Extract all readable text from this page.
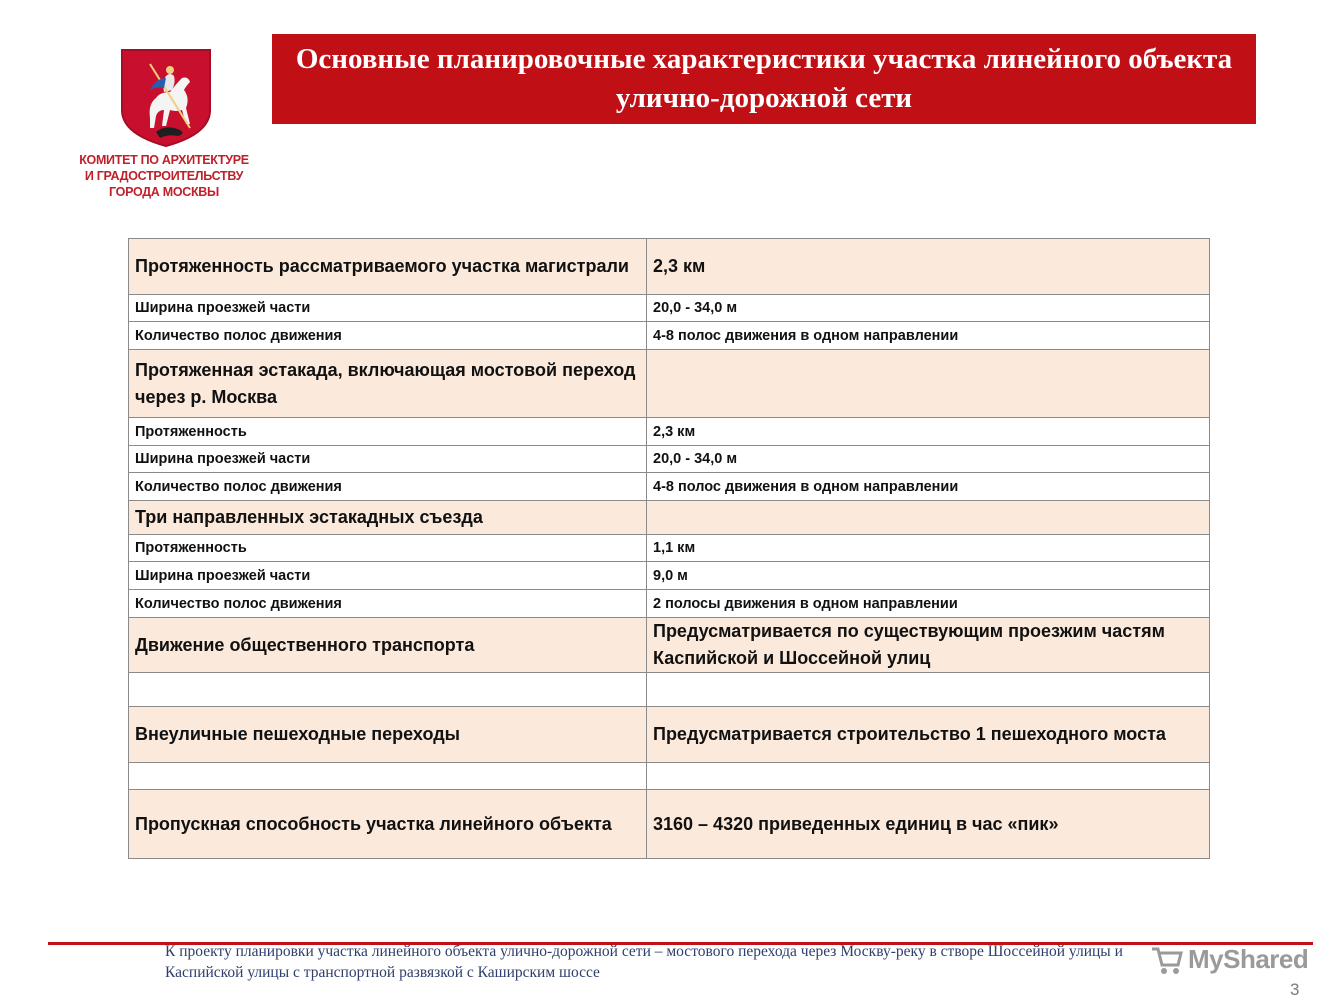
КОМИТЕТ ПО АРХИТЕКТУРЕ
И ГРАДОСТРОИТЕЛЬСТВУ
ГОРОДА МОСКВЫ
Основные планировочные характеристики участка линейного объекта улично-дорожной сети
Протяженность рассматриваемого участка магистрали	2,3 км
Ширина проезжей части	20,0 - 34,0 м
Количество полос движения	4-8 полос движения в одном направлении
Протяженная эстакада, включающая мостовой переход через р. Москва	
Протяженность	2,3 км
Ширина проезжей части	20,0 - 34,0 м
Количество полос движения	4-8 полос движения в одном направлении
Три направленных эстакадных съезда	
Протяженность	1,1 км
Ширина проезжей части	9,0 м
Количество полос движения	2 полосы движения в одном направлении
Движение общественного транспорта	Предусматривается по существующим проезжим частям Каспийской и Шоссейной улиц

Внеуличные пешеходные переходы	Предусматривается строительство 1 пешеходного моста

Пропускная способность участка линейного объекта	3160 – 4320 приведенных единиц в час «пик»
К проекту планировки участка линейного объекта улично-дорожной сети – мостового перехода через Москву-реку в створе Шоссейной улицы и Каспийской улицы с транспортной развязкой с Каширским шоссе	MyShared
3
